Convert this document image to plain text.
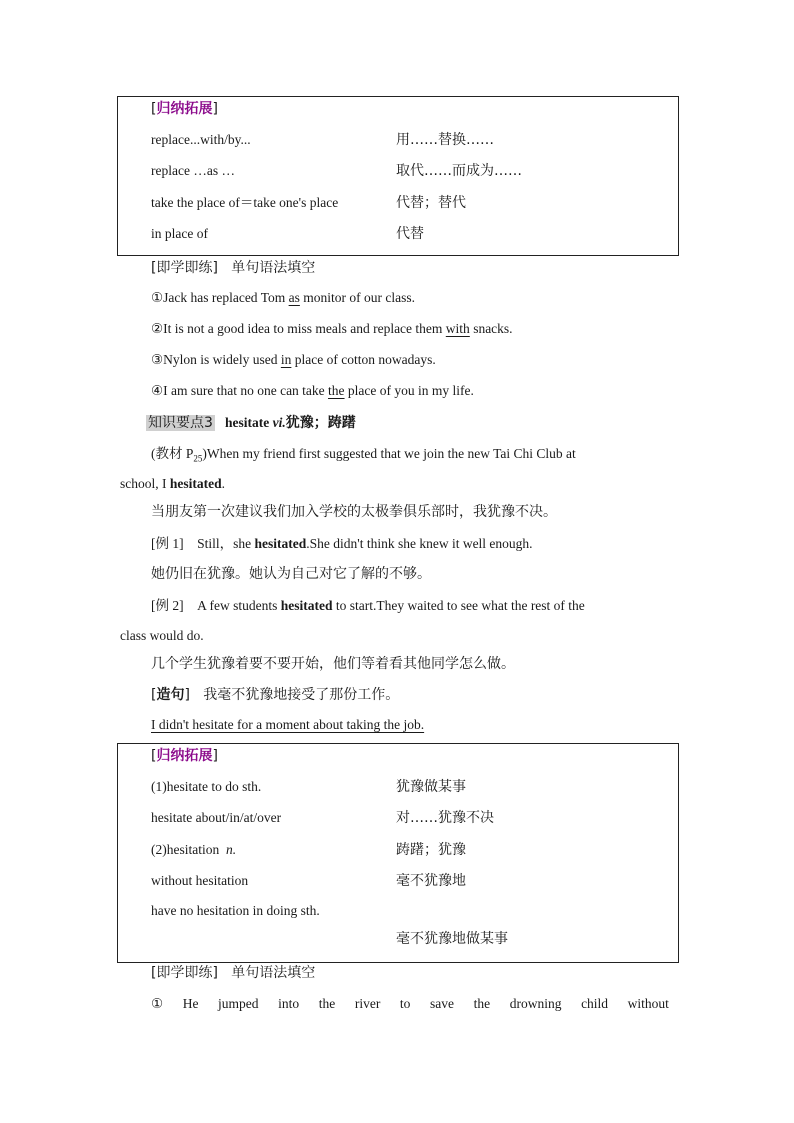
[归纳拓展]
replace...with/by...	用……替换……
replace …as …	取代……而成为……
take the place of＝take one's place	代替；替代
in place of	代替
[即学即练]   单句语法填空
①Jack has replaced Tom as monitor of our class.
②It is not a good idea to miss meals and replace them with snacks.
③Nylon is widely used in place of cotton nowadays.
④I am sure that no one can take the place of you in my life.
知识要点3 hesitate vi.犹豫；踌躇
(教材 $P_{25})When$ my friend first suggested that we join the new Tai Chi Club at
school, I hesitated.
当朋友第一次建议我们加入学校的太极拳俱乐部时，我犹豫不决。
[例 1] Still，she hesitated.She didn't think she knew it well enough.
她仍旧在犹豫。她认为自己对它了解的不够。
[例 2] A few students hesitated to start.They waited to see what the rest of the
class would do.
几个学生犹豫着要不要开始，他们等着看其他同学怎么做。
[造句]   我毫不犹豫地接受了那份工作。
I didn't hesitate for a moment about taking the job.
[归纳拓展]
(1)hesitate to do sth.	犹豫做某事
hesitate about/in/at/over	对……犹豫不决
(2)hesitation  n.	踌躇；犹豫
without hesitation	毫不犹豫地
have no hesitation in doing sth.
毫不犹豫地做某事
[即学即练]   单句语法填空
① He jumped into the river to save the drowning child without
